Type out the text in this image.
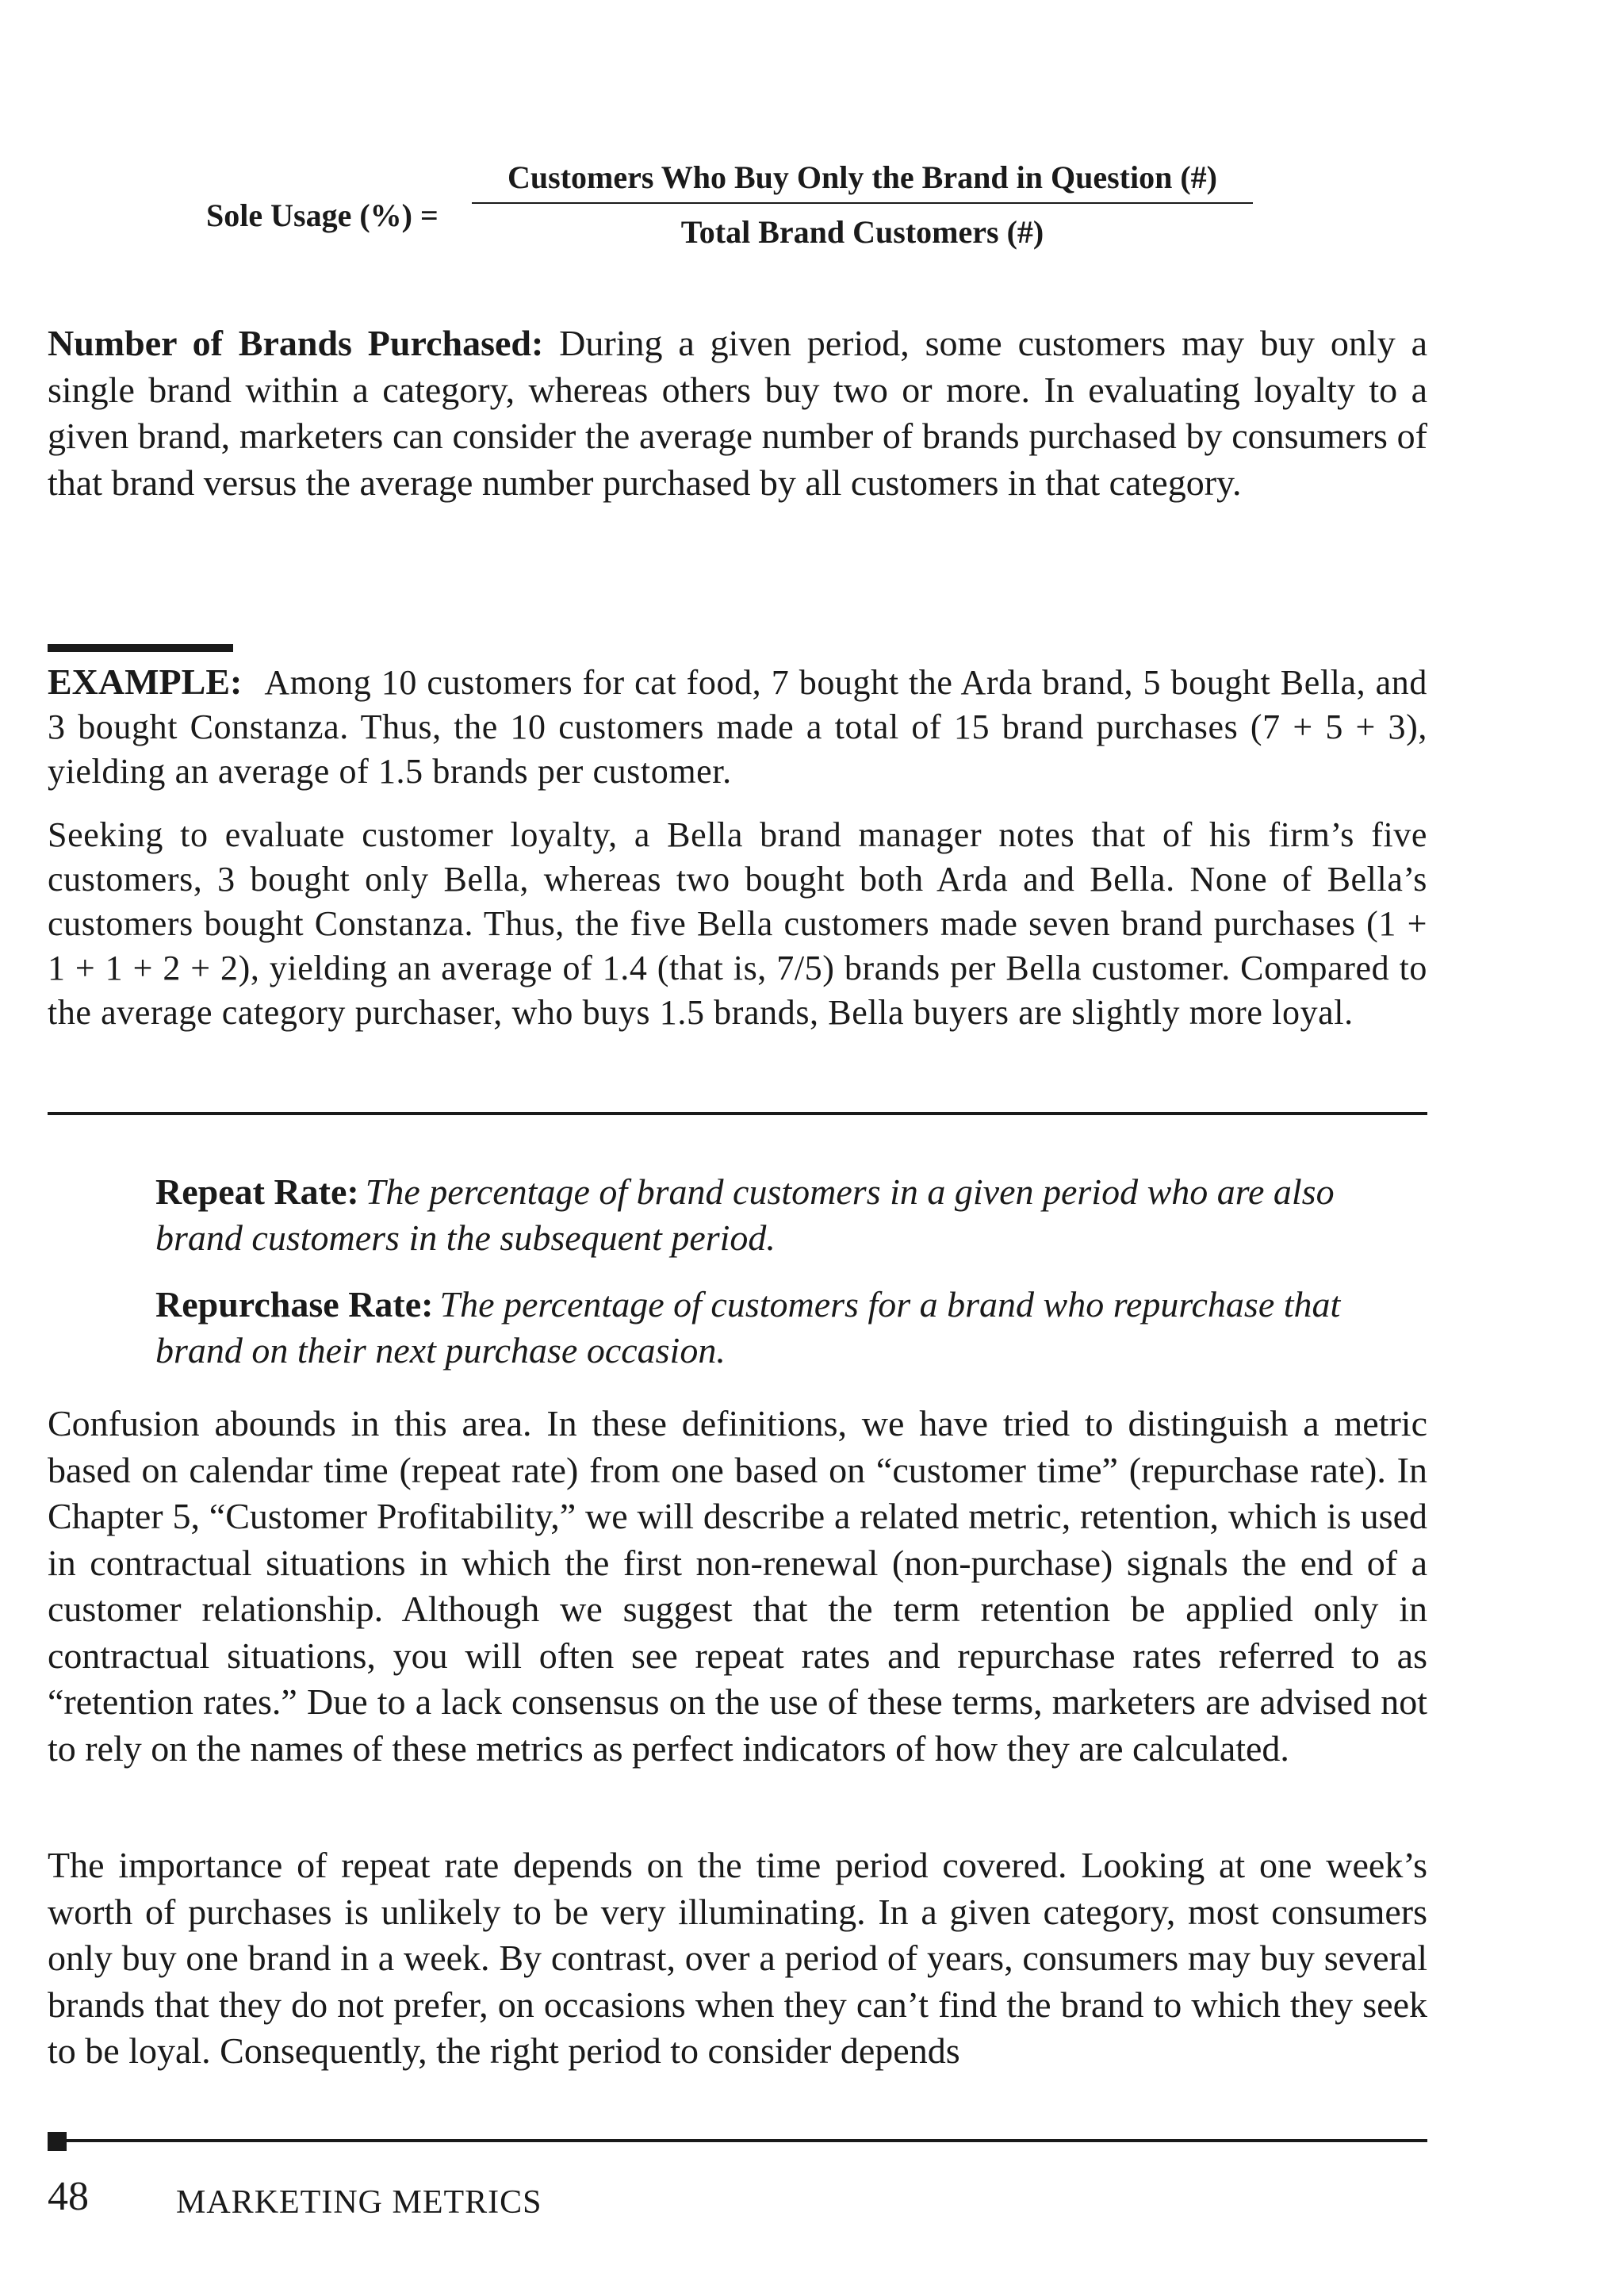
Sole Usage (%) =
Customers Who Buy Only the Brand in Question (#)
Total Brand Customers (#)
Number of Brands Purchased: During a given period, some customers may buy only a single brand within a category, whereas others buy two or more. In evaluating loyalty to a given brand, marketers can consider the average number of brands purchased by consumers of that brand versus the average number purchased by all customers in that category.

EXAMPLE: Among 10 customers for cat food, 7 bought the Arda brand, 5 bought Bella, and 3 bought Constanza. Thus, the 10 customers made a total of 15 brand purchases (7 + 5 + 3), yielding an average of 1.5 brands per customer.

Seeking to evaluate customer loyalty, a Bella brand manager notes that of his firm’s five customers, 3 bought only Bella, whereas two bought both Arda and Bella. None of Bella’s customers bought Constanza. Thus, the five Bella customers made seven brand purchases (1 + 1 + 1 + 2 + 2), yielding an average of 1.4 (that is, 7/5) brands per Bella customer. Compared to the average category purchaser, who buys 1.5 brands, Bella buyers are slightly more loyal.

Repeat Rate: The percentage of brand customers in a given period who are also brand customers in the subsequent period.

Repurchase Rate: The percentage of customers for a brand who repurchase that brand on their next purchase occasion.

Confusion abounds in this area. In these definitions, we have tried to distinguish a metric based on calendar time (repeat rate) from one based on “customer time” (repurchase rate). In Chapter 5, “Customer Profitability,” we will describe a related metric, retention, which is used in contractual situations in which the first non-renewal (non-purchase) signals the end of a customer relationship. Although we suggest that the term retention be applied only in contractual situations, you will often see repeat rates and repurchase rates referred to as “retention rates.” Due to a lack consensus on the use of these terms, marketers are advised not to rely on the names of these metrics as perfect indicators of how they are calculated.

The importance of repeat rate depends on the time period covered. Looking at one week’s worth of purchases is unlikely to be very illuminating. In a given category, most consumers only buy one brand in a week. By contrast, over a period of years, consumers may buy several brands that they do not prefer, on occasions when they can’t find the brand to which they seek to be loyal. Consequently, the right period to consider depends

48	MARKETING METRICS
